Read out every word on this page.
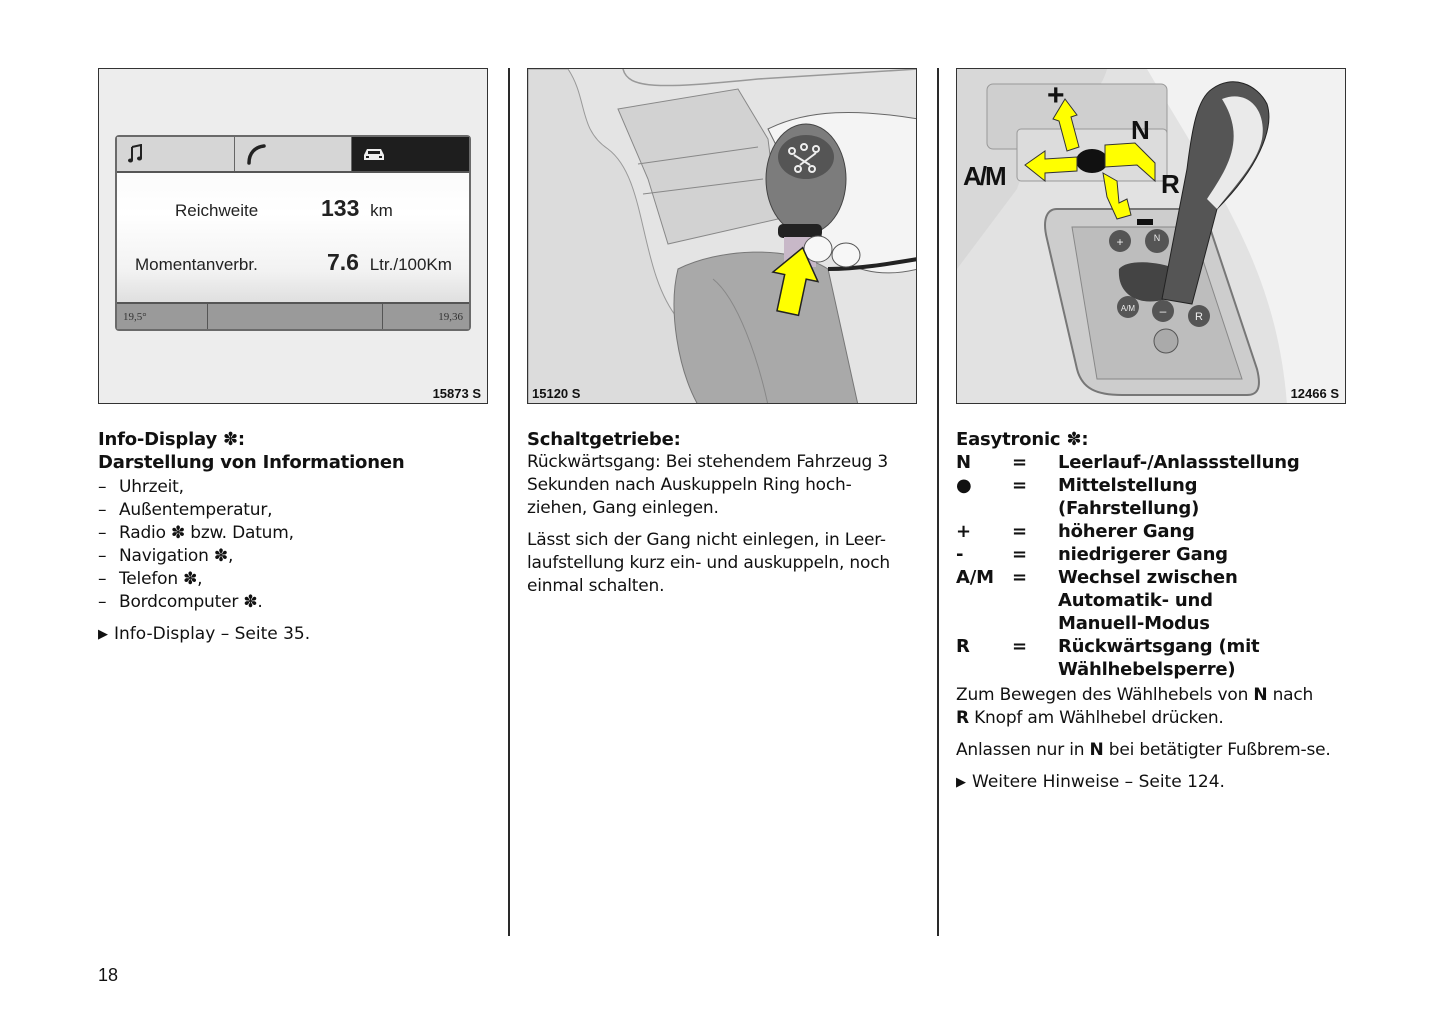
Reichweite	133 km
Momentanverbr.	7.6 Ltr./100Km
19,5°	19,36
15873 S
Info-Display ✽:
Darstellung von Informationen
– Uhrzeit,
– Außentemperatur,
– Radio ✽ bzw. Datum,
– Navigation ✽,
– Telefon ✽,
– Bordcomputer ✽.
▶ Info-Display – Seite 35.
15120 S
Schaltgetriebe:
Rückwärtsgang: Bei stehendem Fahrzeug 3 Sekunden nach Auskuppeln Ring hoch-ziehen, Gang einlegen.
Lässt sich der Gang nicht einlegen, in Leer-laufstellung kurz ein- und auskuppeln, noch einmal schalten.
+	N
A/M –	R
+
N
R
A/M
12466 S
Easytronic ✽:
N	=	Leerlauf-/Anlassstellung
●	=	Mittelstellung (Fahrstellung)
+	=	höherer Gang
-	=	niedrigerer Gang
A/M	=	Wechsel zwischen Automatik- und Manuell-Modus
R	=	Rückwärtsgang (mit Wählhebelsperre)
Zum Bewegen des Wählhebels von N nach
R Knopf am Wählhebel drücken.
Anlassen nur in N bei betätigter Fußbrem-se.
▶ Weitere Hinweise – Seite 124.
18
